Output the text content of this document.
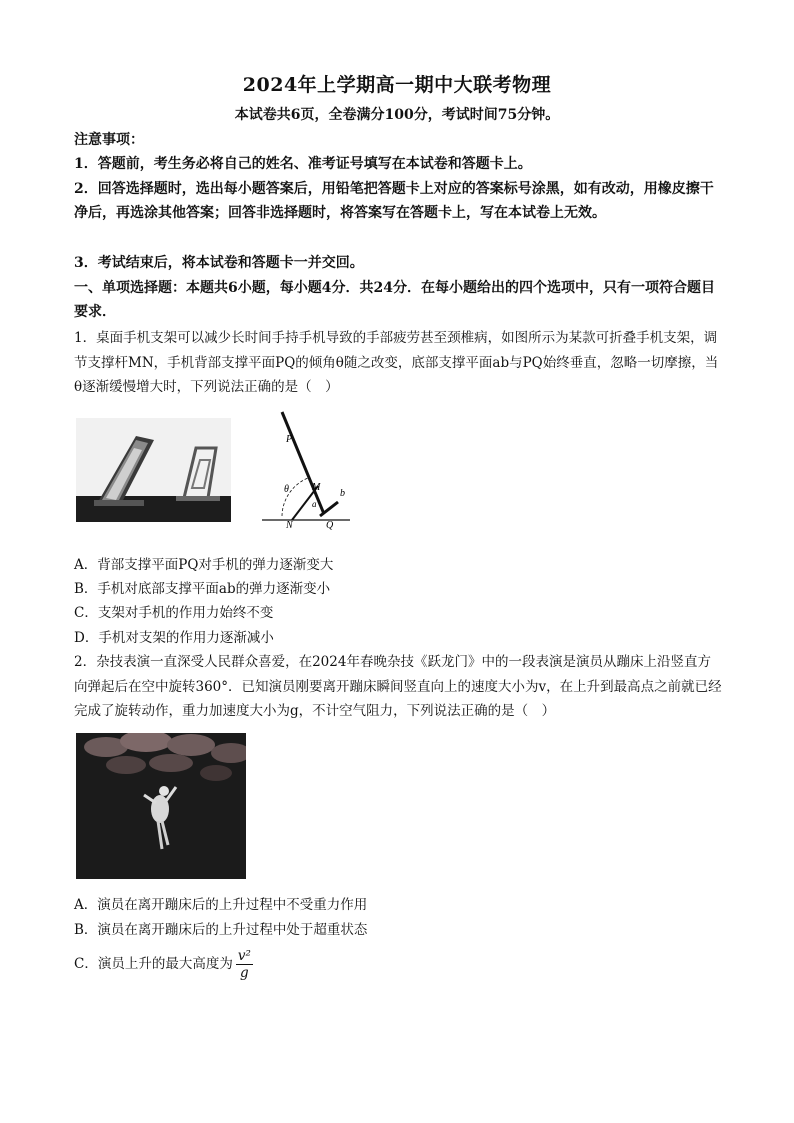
2024年上学期高一期中大联考物理
本试卷共6页，全卷满分100分，考试时间75分钟。
注意事项：
1．答题前，考生务必将自己的姓名、准考证号填写在本试卷和答题卡上。
2．回答选择题时，选出每小题答案后，用铅笔把答题卡上对应的答案标号涂黑，如有改动，用橡皮擦干净后，再选涂其他答案；回答非选择题时，将答案写在答题卡上，写在本试卷上无效。
3．考试结束后，将本试卷和答题卡一并交回。
一、单项选择题：本题共6小题，每小题4分．共24分．在每小题给出的四个选项中，只有一项符合题目要求．
1．桌面手机支架可以减少长时间手持手机导致的手部疲劳甚至颈椎病，如图所示为某款可折叠手机支架，调节支撑杆MN，手机背部支撑平面PQ的倾角θ随之改变，底部支撑平面ab与PQ始终垂直，忽略一切摩擦，当θ逐渐缓慢增大时，下列说法正确的是（　）
P
M
N	Q
a
b
θ
A．背部支撑平面PQ对手机的弹力逐渐变大
B．手机对底部支撑平面ab的弹力逐渐变小
C．支架对手机的作用力始终不变
D．手机对支架的作用力逐渐减小
2．杂技表演一直深受人民群众喜爱，在2024年春晚杂技《跃龙门》中的一段表演是演员从蹦床上沿竖直方向弹起后在空中旋转360°．已知演员刚要离开蹦床瞬间竖直向上的速度大小为v，在上升到最高点之前就已经完成了旋转动作，重力加速度大小为g，不计空气阻力，下列说法正确的是（　）
A．演员在离开蹦床后的上升过程中不受重力作用
B．演员在离开蹦床后的上升过程中处于超重状态
C．演员上升的最大高度为 $\frac{\text{v²}}{g}$
